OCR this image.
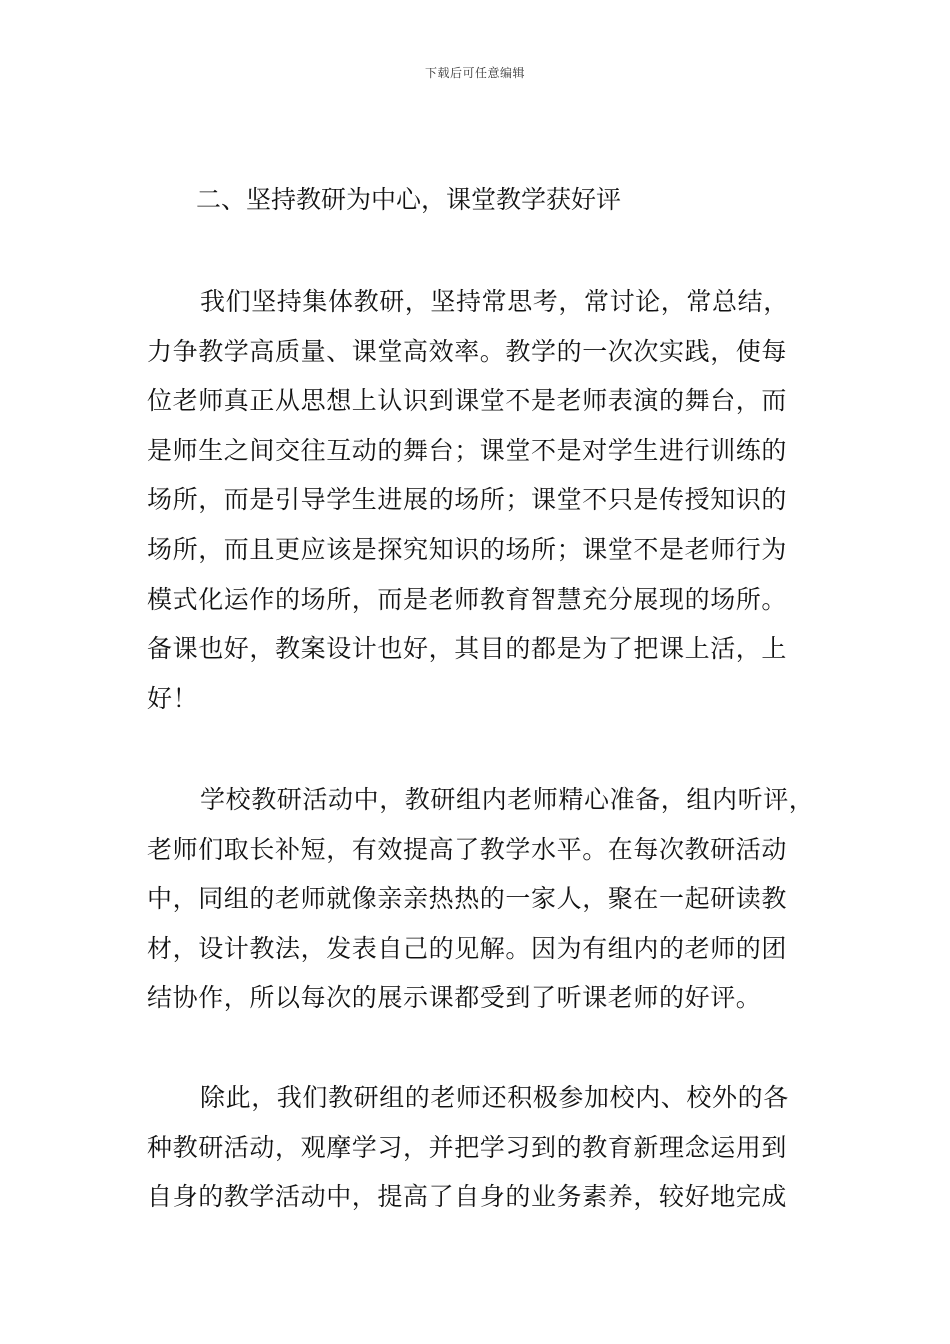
下载后可任意编辑
二、坚持教研为中心，课堂教学获好评
我们坚持集体教研，坚持常思考，常讨论，常总结，
力争教学高质量、课堂高效率。教学的一次次实践，使每
位老师真正从思想上认识到课堂不是老师表演的舞台，而
是师生之间交往互动的舞台；课堂不是对学生进行训练的
场所，而是引导学生进展的场所；课堂不只是传授知识的
场所，而且更应该是探究知识的场所；课堂不是老师行为
模式化运作的场所，而是老师教育智慧充分展现的场所。
备课也好，教案设计也好，其目的都是为了把课上活，上
好！
学校教研活动中，教研组内老师精心准备，组内听评，
老师们取长补短，有效提高了教学水平。在每次教研活动
中，同组的老师就像亲亲热热的一家人，聚在一起研读教
材，设计教法，发表自己的见解。因为有组内的老师的团
结协作，所以每次的展示课都受到了听课老师的好评。
除此，我们教研组的老师还积极参加校内、校外的各
种教研活动，观摩学习，并把学习到的教育新理念运用到
自身的教学活动中，提高了自身的业务素养，较好地完成
